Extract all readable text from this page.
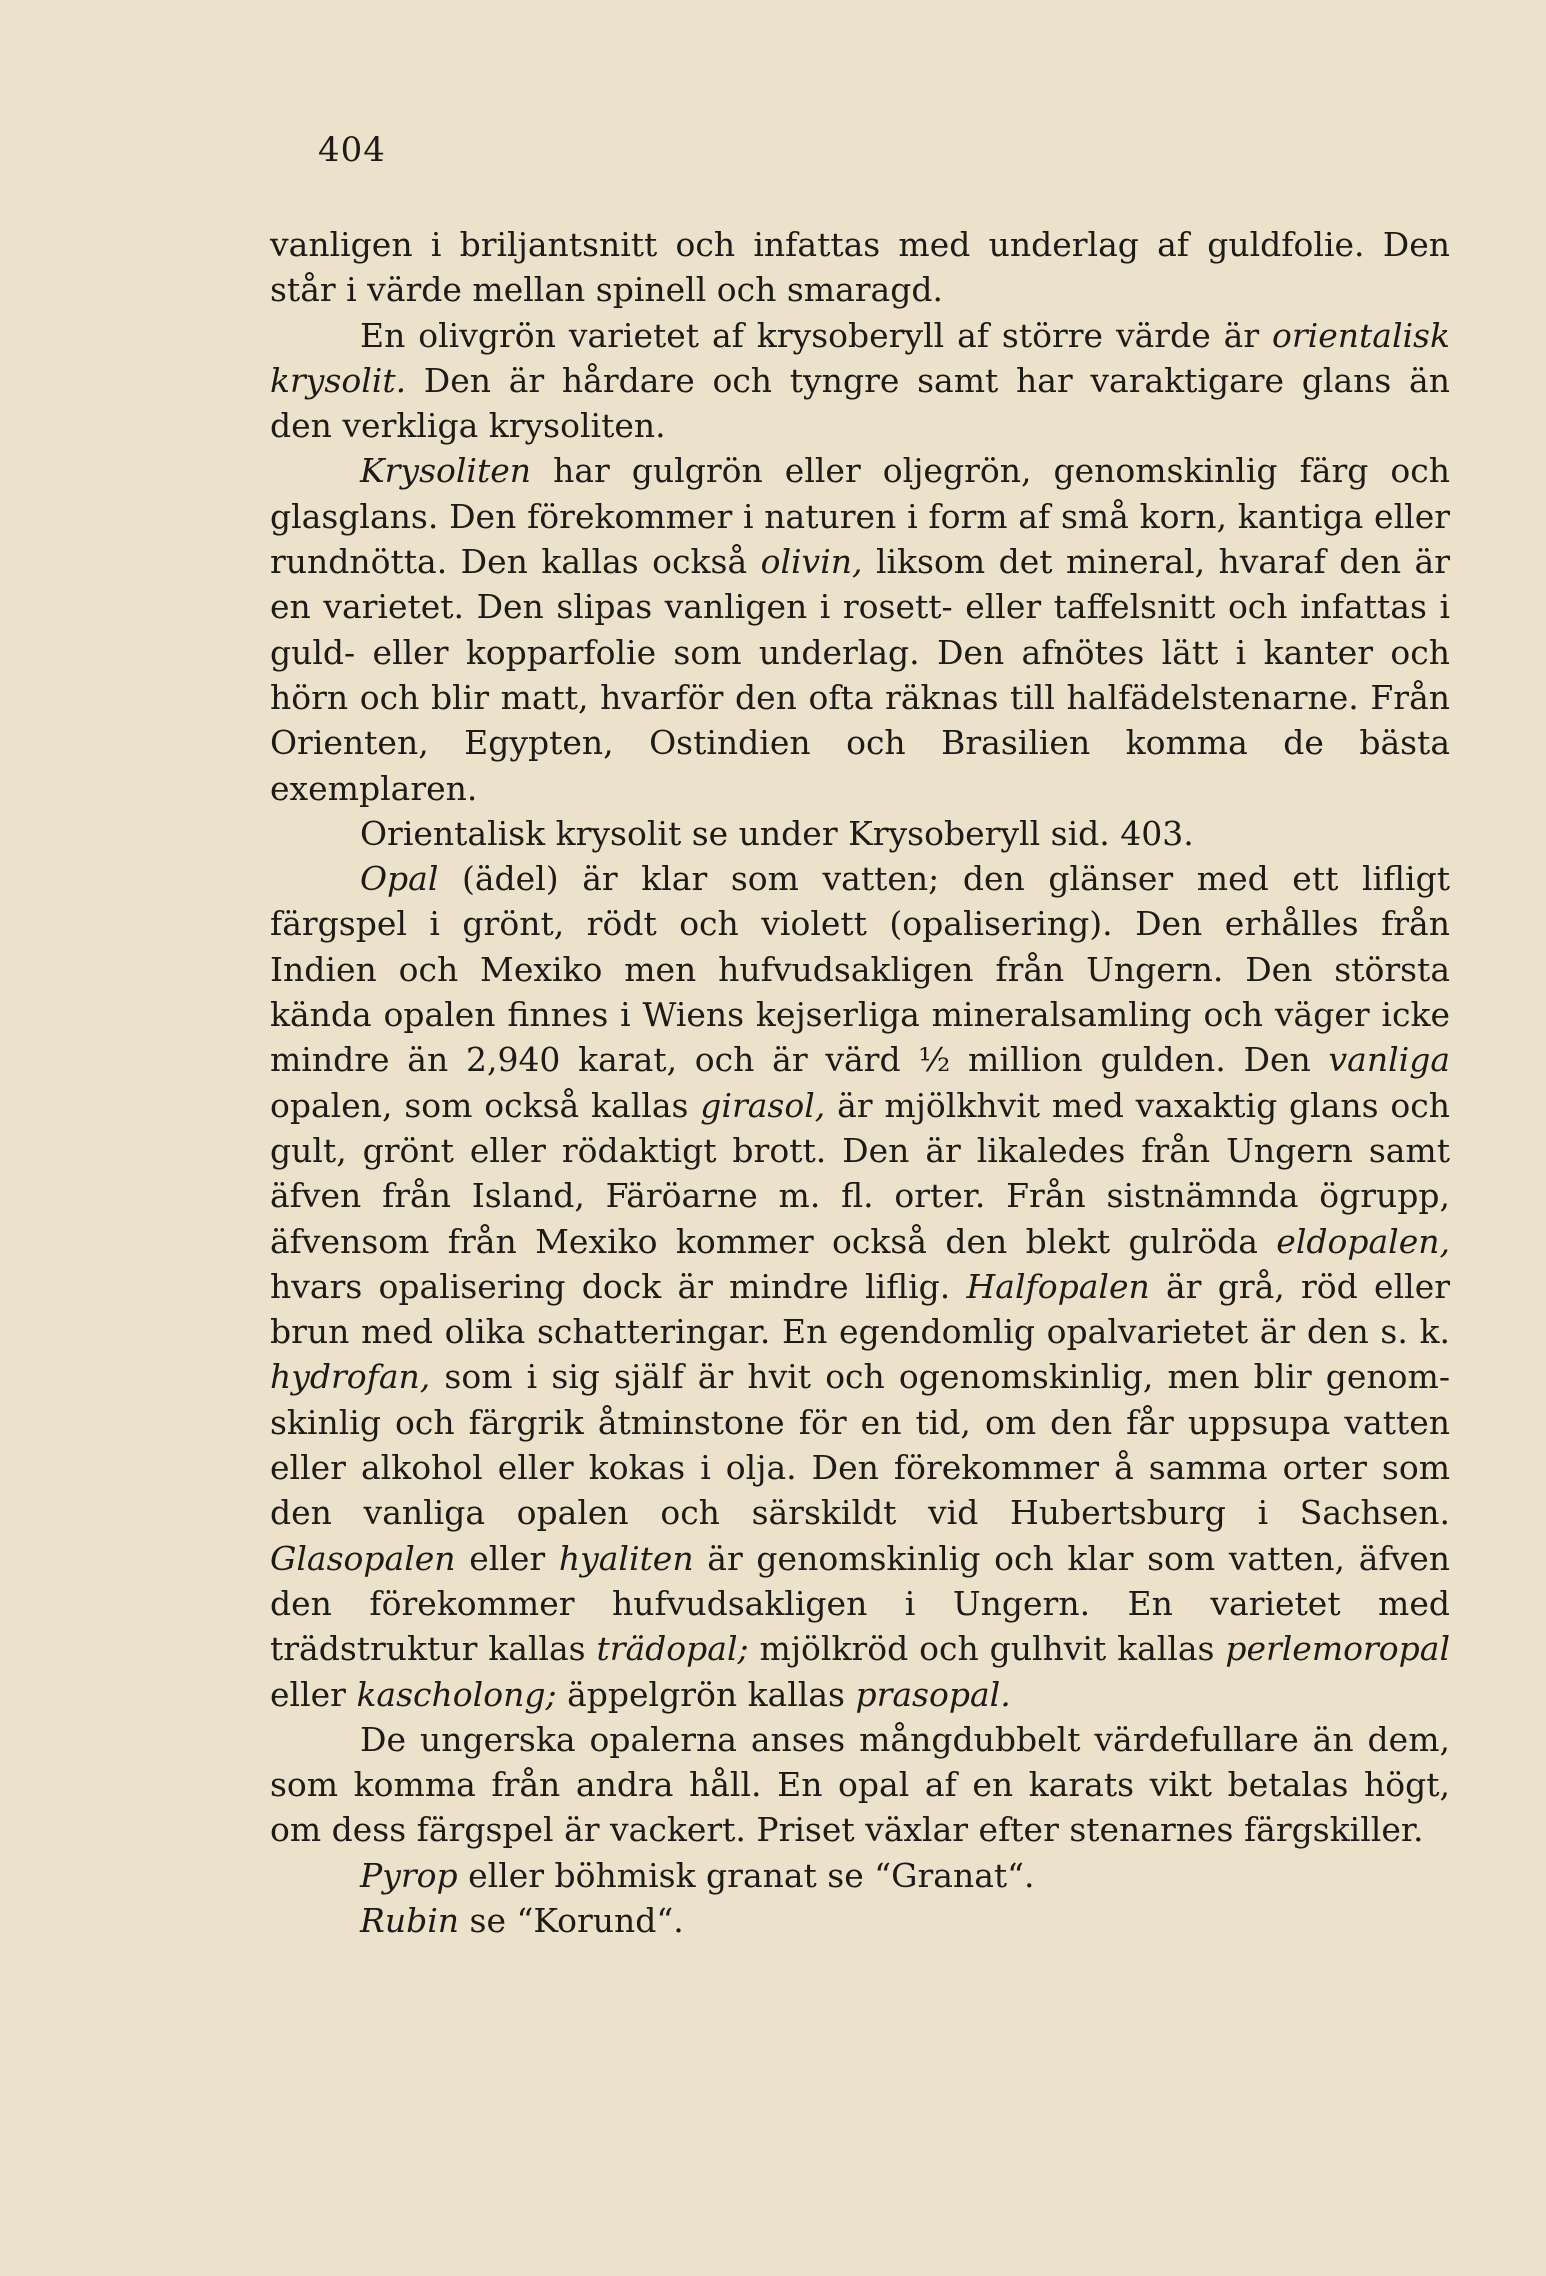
404

vanligen i briljantsnitt och infattas med underlag af guldfolie. Den står i värde mellan spinell och smaragd.

En olivgrön varietet af krysoberyll af större värde är orientalisk krysolit. Den är hårdare och tyngre samt har varaktigare glans än den verkliga krysoliten.

Krysoliten har gulgrön eller oljegrön, genomskinlig färg och glasglans. Den förekommer i naturen i form af små korn, kantiga eller rundnötta. Den kallas också olivin, liksom det mineral, hvaraf den är en varietet. Den slipas vanligen i rosett- eller taffelsnitt och infattas i guld- eller kopparfolie som underlag. Den afnötes lätt i kanter och hörn och blir matt, hvarför den ofta räknas till halfädelstenarne. Från Orienten, Egypten, Ostindien och Brasilien komma de bästa exemplaren.

Orientalisk krysolit se under Krysoberyll sid. 403.

Opal (ädel) är klar som vatten; den glänser med ett lifligt färgspel i grönt, rödt och violett (opalisering). Den erhålles från Indien och Mexiko men hufvudsakligen från Ungern. Den största kända opalen finnes i Wiens kejserliga mineralsamling och väger icke mindre än 2,940 karat, och är värd ½ million gulden. Den vanliga opalen, som också kallas girasol, är mjölkhvit med vaxaktig glans och gult, grönt eller rödaktigt brott. Den är likaledes från Ungern samt äfven från Island, Färöarne m. fl. orter. Från sistnämnda ögrupp, äfvensom från Mexiko kommer också den blekt gulröda eldopalen, hvars opalisering dock är mindre liflig. Halfopalen är grå, röd eller brun med olika schatteringar. En egendomlig opalvarietet är den s. k. hydrofan, som i sig själf är hvit och ogenomskinlig, men blir genomskinlig och färgrik åtminstone för en tid, om den får uppsupa vatten eller alkohol eller kokas i olja. Den förekommer å samma orter som den vanliga opalen och särskildt vid Hubertsburg i Sachsen. Glasopalen eller hyaliten är genomskinlig och klar som vatten, äfven den förekommer hufvudsakligen i Ungern. En varietet med trädstruktur kallas trädopal; mjölkröd och gulhvit kallas perlemoropal eller kascholong; äppelgrön kallas prasopal.

De ungerska opalerna anses mångdubbelt värdefullare än dem, som komma från andra håll. En opal af en karats vikt betalas högt, om dess färgspel är vackert. Priset växlar efter stenarnes färgskiller.

Pyrop eller böhmisk granat se “Granat“.

Rubin se “Korund“.
